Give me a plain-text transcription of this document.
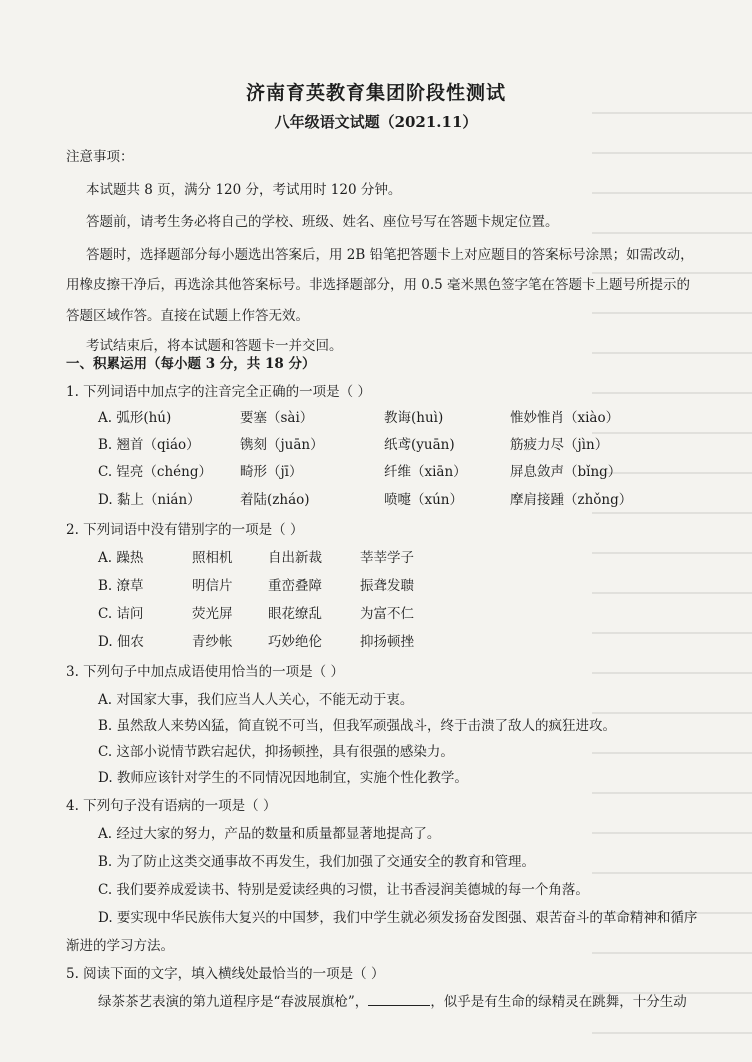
济南育英教育集团阶段性测试
八年级语文试题（2021.11）
注意事项：
本试题共 8 页，满分 120 分，考试用时 120 分钟。
答题前，请考生务必将自己的学校、班级、姓名、座位号写在答题卡规定位置。
答题时，选择题部分每小题选出答案后，用 2B 铅笔把答题卡上对应题目的答案标号涂黑；如需改动，
用橡皮擦干净后，再选涂其他答案标号。非选择题部分，用 0.5 毫米黑色签字笔在答题卡上题号所提示的
答题区域作答。直接在试题上作答无效。
考试结束后，将本试题和答题卡一并交回。
一、积累运用（每小题 3 分，共 18 分）
1. 下列词语中加点字的注音完全正确的一项是（ ）
A. 弧形(hú)	要塞（sài）	教诲(huì)	惟妙惟肖（xiào）
B. 翘首（qiáo）	镌刻（juān）	纸鸢(yuān)	筋疲力尽（jìn）
C. 锃亮（chéng） 畸形（jī）	纤维（xiān）	屏息敛声（bǐng）
D. 黏上（nián）	着陆(zháo)	喷嚏（xún）	摩肩接踵（zhǒng）
2. 下列词语中没有错别字的一项是（ ）
A. 躁热	照相机	自出新裁	莘莘学子
B. 潦草	明信片	重峦叠障	振聋发聩
C. 诘问	荧光屏	眼花缭乱	为富不仁
D. 佃农	青纱帐	巧妙绝伦	抑扬顿挫
3. 下列句子中加点成语使用恰当的一项是（ ）
A. 对国家大事，我们应当人人关心，不能无动于衷。
B. 虽然敌人来势凶猛，简直锐不可当，但我军顽强战斗，终于击溃了敌人的疯狂进攻。
C. 这部小说情节跌宕起伏，抑扬顿挫，具有很强的感染力。
D. 教师应该针对学生的不同情况因地制宜，实施个性化教学。
4. 下列句子没有语病的一项是（ ）
A. 经过大家的努力，产品的数量和质量都显著地提高了。
B. 为了防止这类交通事故不再发生，我们加强了交通安全的教育和管理。
C. 我们要养成爱读书、特别是爱读经典的习惯，让书香浸润美德城的每一个角落。
D. 要实现中华民族伟大复兴的中国梦，我们中学生就必须发扬奋发图强、艰苦奋斗的革命精神和循序
渐进的学习方法。
5. 阅读下面的文字，填入横线处最恰当的一项是（ ）
绿茶茶艺表演的第九道程序是“春波展旗枪”，	，似乎是有生命的绿精灵在跳舞，十分生动
